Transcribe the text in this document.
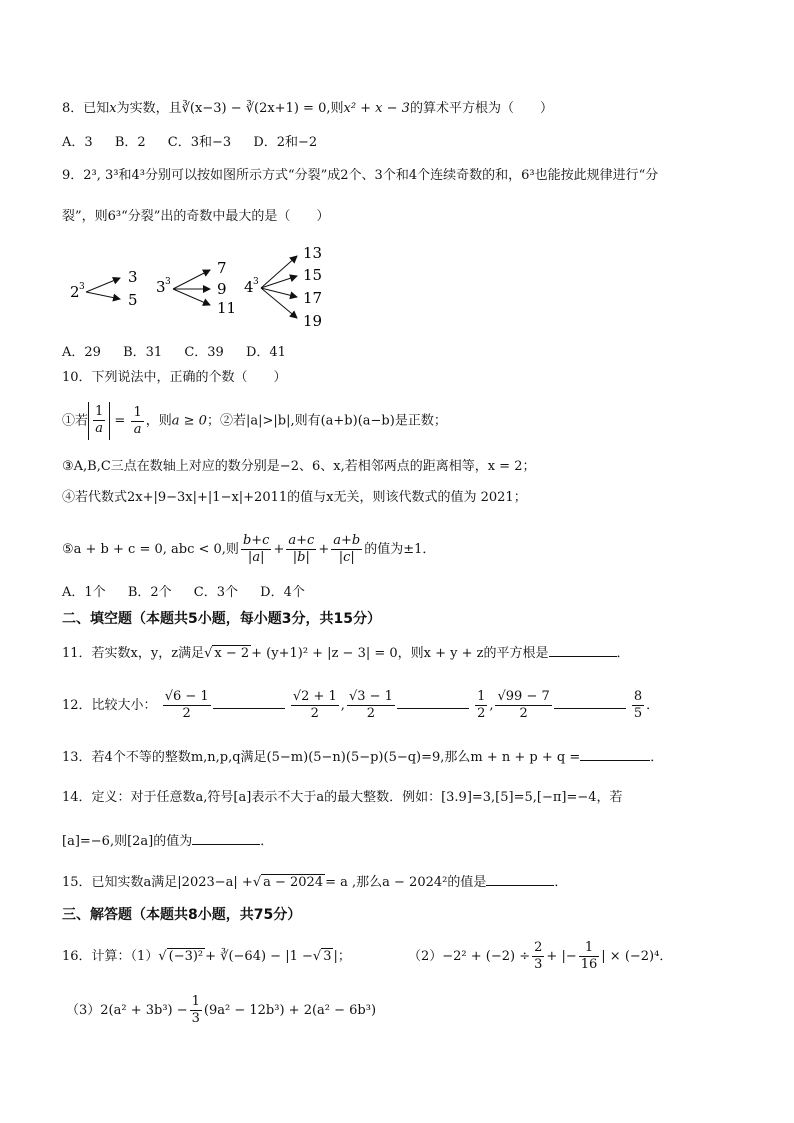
8．已知x为实数，且∛(x−3) − ∛(2x+1) = 0,则x² + x − 3的算术平方根为（　　）
A．3 B．2 C．3和−3 D．2和−2
9．2³, 3³和4³分别可以按如图所示方式“分裂”成2个、3个和4个连续奇数的和，6³也能按此规律进行“分
裂”，则6³“分裂”出的奇数中最大的是（　　）
2 3
3
5
3 3
7
9
11
4 3
13
15
17
19
A．29 B．31 C．39 D．41
10．下列说法中，正确的个数（　　）
①若 $\frac{1}{a} = \frac{1}{a}$ ，则a ≥ 0；②若|a|>|b|,则有(a+b)(a−b)是正数；
③A,B,C三点在数轴上对应的数分别是−2、6、x,若相邻两点的距离相等，x = 2；
④若代数式2x+|9−3x|+|1−x|+2011的值与x无关，则该代数式的值为 2021；
⑤a + b + c = 0, abc < 0,则 $\frac{b+c}{|a|} + \frac{a+c}{|b|} + \frac{a+b}{|c|}$ 的值为±1．
A．1个 B．2个 C．3个 D．4个
二、填空题（本题共5小题，每小题3分，共15分）
11．若实数x，y，z满足√ x − 2 + (y+1)² + |z − 3| = 0，则x + y + z的平方根是	．
12．比较大小： $\frac{√6 - 1}{2}$
	$\frac{√2 + 1}{2}$ , $\frac{√3 - 1}{2}$
	$\frac{1}{2}$ , $\frac{√99 - 7}{2}$
	$\frac{8}{5}$ ．
13．若4个不等的整数m,n,p,q满足(5−m)(5−n)(5−p)(5−q)=9,那么m + n + p + q =	．
14．定义：对于任意数a,符号[a]表示不大于a的最大整数．例如：[3.9]=3,[5]=5,[−π]=−4，若
[a]=−6,则[2a]的值为	．
15．已知实数a满足|2023−a| +√ a − 2024 = a ,那么a − 2024²的值是	．
三、解答题（本题共8小题，共75分）
16．计算：（1）√ (−3)² + ∛(−64) − |1 −√ 3 |；	$(2)-2^2 + (-2) \div \frac{2}{3}$ + |− $\frac{1}{16}$ | × (−2)⁴．
$(3)2(a^2 + 3b^3) - \frac{1}{3} (9a^2 - 12b^3) + 2(a^2 - 6b^3)$
